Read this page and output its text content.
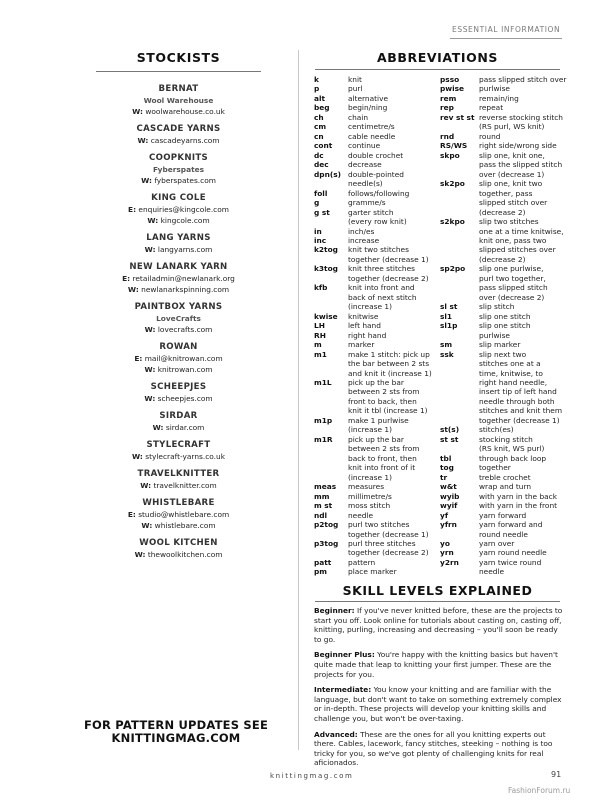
ESSENTIAL INFORMATION
STOCKISTS
BERNAT
Wool Warehouse
W: woolwarehouse.co.uk
CASCADE YARNS
W: cascadeyarns.com
COOPKNITS
Fyberspates
W: fyberspates.com
KING COLE
E: enquiries@kingcole.com
W: kingcole.com
LANG YARNS
W: langyarns.com
NEW LANARK YARN
E: retailadmin@newlanark.org
W: newlanarkspinning.com
PAINTBOX YARNS
LoveCrafts
W: lovecrafts.com
ROWAN
E: mail@knitrowan.com
W: knitrowan.com
SCHEEPJES
W: scheepjes.com
SIRDAR
W: sirdar.com
STYLECRAFT
W: stylecraft-yarns.co.uk
TRAVELKNITTER
W: travelknitter.com
WHISTLEBARE
E: studio@whistlebare.com
W: whistlebare.com
WOOL KITCHEN
W: thewoolkitchen.com
FOR PATTERN UPDATES SEE
KNITTINGMAG.COM
ABBREVIATIONS
k	knit
p	purl
alt	alternative
beg	begin/ning
ch	chain
cm	centimetre/s
cn	cable needle
cont	continue
dc	double crochet
dec	decrease
dpn(s) double-pointed
needle(s)
foll	follows/following
g	gramme/s
g st	garter stitch
(every row knit)
in	inch/es
inc	increase
k2tog	knit two stitches
together (decrease 1)
k3tog	knit three stitches
together (decrease 2)
kfb	knit into front and
back of next stitch
(increase 1)
kwise	knitwise
LH	left hand
RH	right hand
m	marker
m1	make 1 stitch: pick up
the bar between 2 sts
and knit it (increase 1)
m1L	pick up the bar
between 2 sts from
front to back, then
knit it tbl (increase 1)
m1p	make 1 purlwise
(increase 1)
m1R	pick up the bar
between 2 sts from
back to front, then
knit into front of it
(increase 1)
meas	measures
mm	millimetre/s
m st	moss stitch
ndl	needle
p2tog	purl two stitches
together (decrease 1)
p3tog	purl three stitches
together (decrease 2)
patt	pattern
pm	place marker
psso	pass slipped stitch over
pwise	purlwise
rem	remain/ing
rep	repeat
rev st st reverse stocking stitch
(RS purl, WS knit)
rnd	round
RS/WS	right side/wrong side
skpo	slip one, knit one,
pass the slipped stitch
over (decrease 1)
sk2po	slip one, knit two
together, pass
slipped stitch over
(decrease 2)
s2kpo	slip two stitches
one at a time knitwise,
knit one, pass two
slipped stitches over
(decrease 2)
sp2po	slip one purlwise,
purl two together,
pass slipped stitch
over (decrease 2)
sl st	slip stitch
sl1	slip one stitch
sl1p	slip one stitch
purlwise
sm	slip marker
ssk	slip next two
stitches one at a
time, knitwise, to
right hand needle,
insert tip of left hand
needle through both
stitches and knit them
together (decrease 1)
st(s)	stitch(es)
st st	stocking stitch
(RS knit, WS purl)
tbl	through back loop
tog	together
tr	treble crochet
w&t	wrap and turn
wyib	with yarn in the back
wyif	with yarn in the front
yf	yarn forward
yfrn	yarn forward and
round needle
yo	yarn over
yrn	yarn round needle
y2rn	yarn twice round
needle
SKILL LEVELS EXPLAINED

Beginner: If you've never knitted before, these are the projects to start you off. Look online for tutorials about casting on, casting off, knitting, purling, increasing and decreasing – you'll soon be ready to go.

Beginner Plus: You're happy with the knitting basics but haven't quite made that leap to knitting your first jumper. These are the projects for you.

Intermediate: You know your knitting and are familiar with the language, but don't want to take on something extremely complex or in-depth. These projects will develop your knitting skills and challenge you, but won't be over-taxing.

Advanced: These are the ones for all you knitting experts out there. Cables, lacework, fancy stitches, steeking – nothing is too tricky for you, so we've got plenty of challenging knits for real aficionados.

knittingmag.com	91
FashionForum.ru
